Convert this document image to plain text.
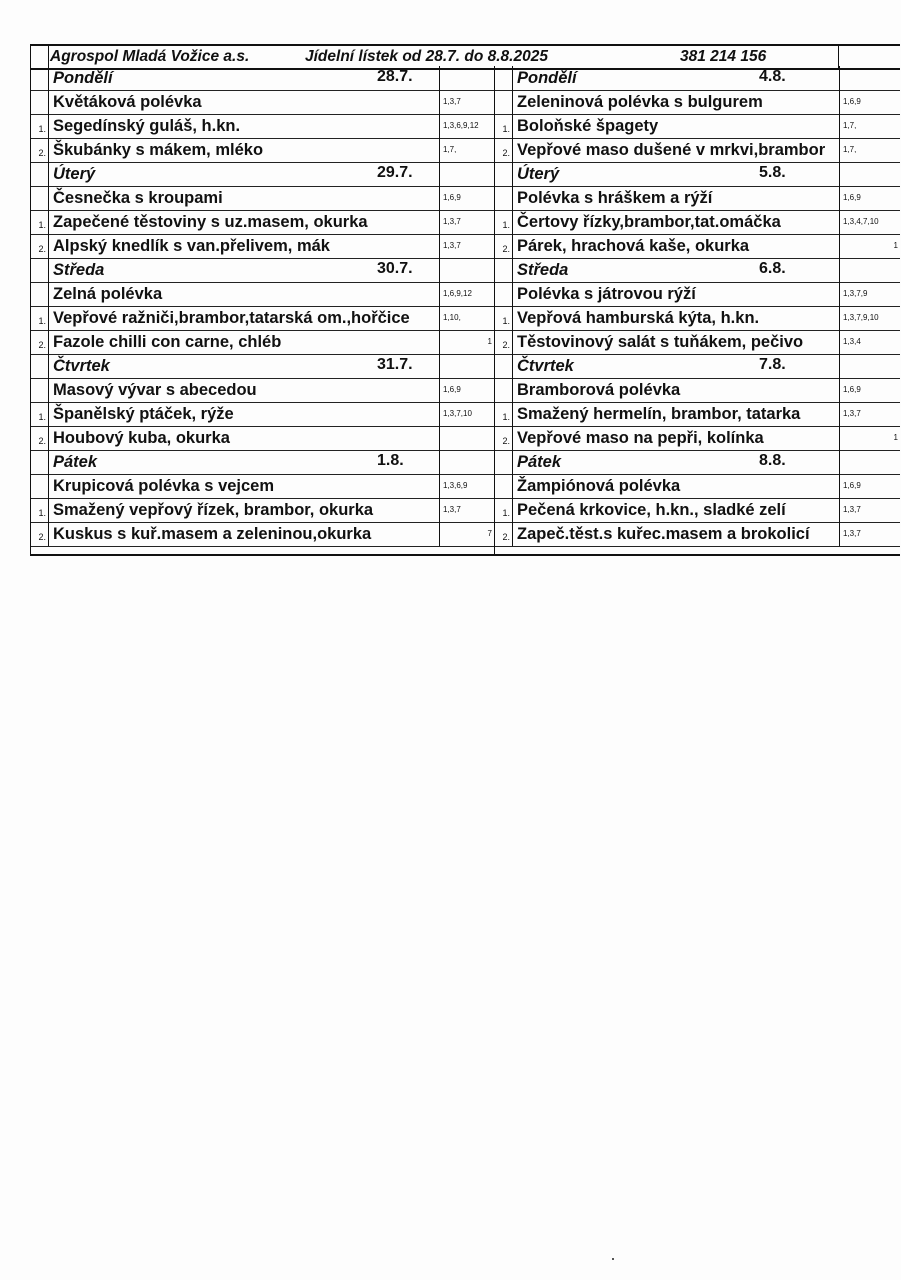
Agrospol Mladá Vožice a.s.	Jídelní lístek od 28.7. do 8.8.2025	381 214 156
Pondělí	28.7.
Květáková polévka	1,3,7
1. Segedínský guláš, h.kn.	1,3,6,9,12
2. Škubánky s mákem, mléko	1,7,
Úterý	29.7.
Česnečka s kroupami	1,6,9
1. Zapečené těstoviny s uz.masem, okurka	1,3,7
2. Alpský knedlík s van.přelivem, mák	1,3,7
Středa	30.7.
Zelná polévka	1,6,9,12
1. Vepřové ražniči,brambor,tatarská om.,hořčice	1,10,
2. Fazole chilli con carne, chléb	1
Čtvrtek	31.7.
Masový vývar s abecedou	1,6,9
1. Španělský ptáček, rýže	1,3,7,10
2. Houbový kuba, okurka
Pátek	1.8.
Krupicová polévka s vejcem	1,3,6,9
1. Smažený vepřový řízek, brambor, okurka	1,3,7
2. Kuskus s kuř.masem a zeleninou,okurka	7
Pondělí	4.8.
Zeleninová polévka s bulgurem	1,6,9
1. Boloňské špagety	1,7,
2. Vepřové maso dušené v mrkvi,brambor	1,7,
Úterý	5.8.
Polévka s hráškem a rýží	1,6,9
1. Čertovy řízky,brambor,tat.omáčka	1,3,4,7,10
2. Párek, hrachová kaše, okurka	1
Středa	6.8.
Polévka s játrovou rýží	1,3,7,9
1. Vepřová hamburská kýta, h.kn.	1,3,7,9,10
2. Těstovinový salát s tuňákem, pečivo	1,3,4
Čtvrtek	7.8.
Bramborová polévka	1,6,9
1. Smažený hermelín, brambor, tatarka	1,3,7
2. Vepřové maso na pepři, kolínka	1
Pátek	8.8.
Žampiónová polévka	1,6,9
1. Pečená krkovice, h.kn., sladké zelí	1,3,7
2. Zapeč.těst.s kuřec.masem a brokolicí	1,3,7
